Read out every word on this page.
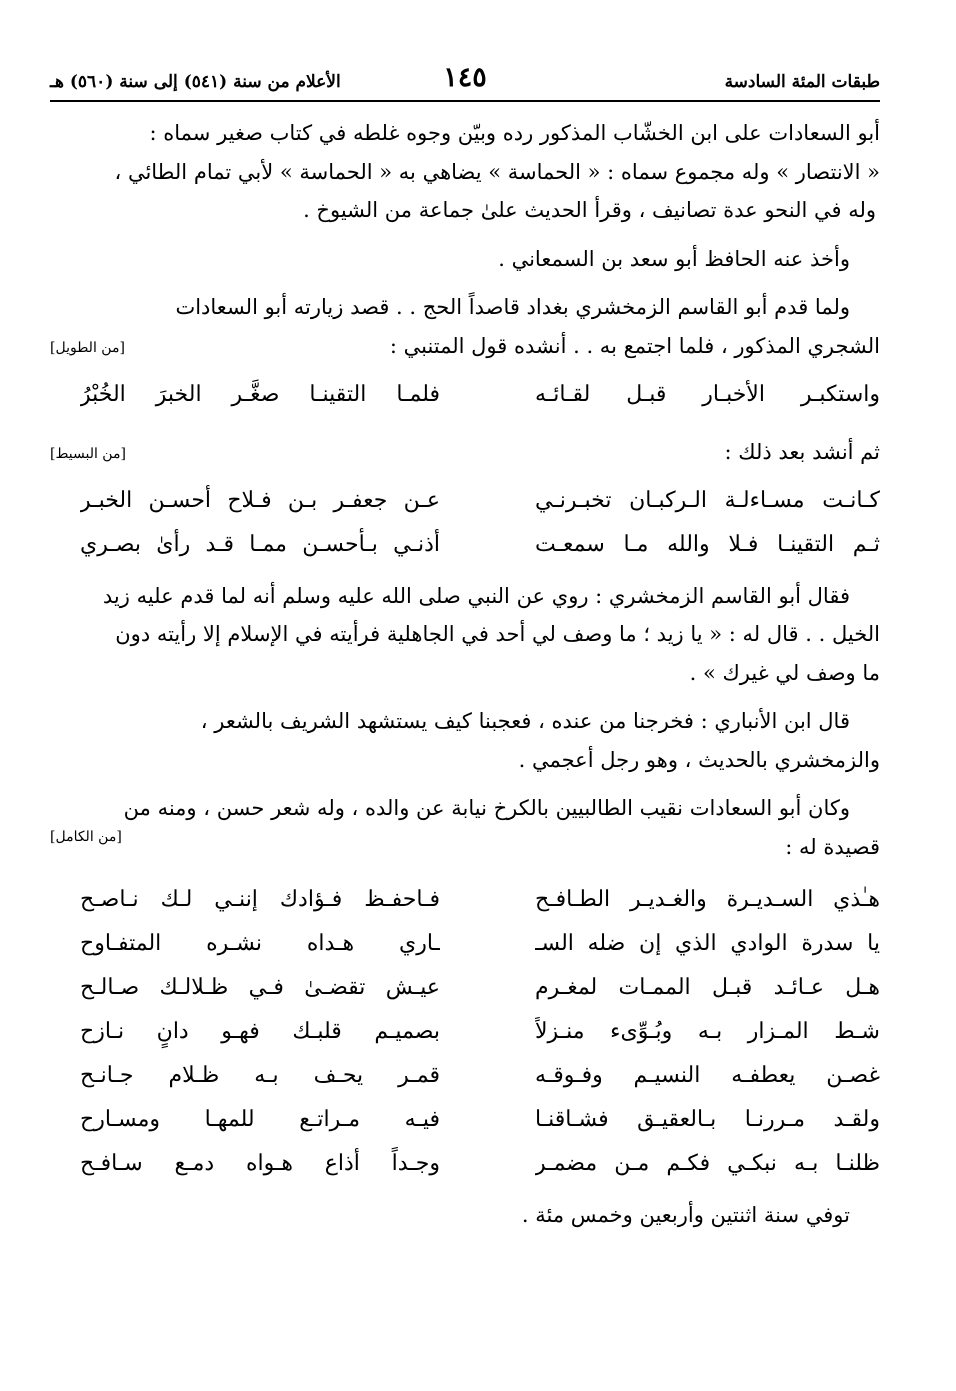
طبقات المئة السادسة
١٤٥
الأعلام من سنة (٥٤١) إلى سنة (٥٦٠) هـ

أبو السعادات على ابن الخشّاب المذكور رده وبيّن وجوه غلطه في كتاب صغير سماه :

« الانتصار » وله مجموع سماه : « الحماسة » يضاهي به « الحماسة » لأبي تمام الطائي ،

وله في النحو عدة تصانيف ، وقرأ الحديث علىٰ جماعة من الشيوخ .

وأخذ عنه الحافظ أبو سعد بن السمعاني .

ولما قدم أبو القاسم الزمخشري بغداد قاصداً الحج . . قصد زيارته أبو السعادات

الشجري المذكور ، فلما اجتمع به . . أنشده قول المتنبي :
[من الطويل]
واستكبـر الأخبـار قبـل لقـائـه
فلمـا التقينـا صغَّـر الخبرَ الخُبْرُ
ثم أنشد بعد ذلك :
[من البسيط]
كـانـت مسـاءلـة الـركبـان تخبـرنـي
عـن جعفـر بـن فـلاح أحسـن الخبـر
ثـم التقينـا فـلا والله مـا سمعـت
أذنـي بـأحسـن ممـا قـد رأىٰ بصـري

فقال أبو القاسم الزمخشري : روي عن النبي صلى الله عليه وسلم أنه لما قدم عليه زيد

الخيل . . قال له : « يا زيد ؛ ما وصف لي أحد في الجاهلية فرأيته في الإسلام إلا رأيته دون

ما وصف لي غيرك » .

قال ابن الأنباري : فخرجنا من عنده ، فعجبنا كيف يستشهد الشريف بالشعر ،

والزمخشري بالحديث ، وهو رجل أعجمي .

وكان أبو السعادات نقيب الطالبيين بالكرخ نيابة عن والده ، وله شعر حسن ، ومنه من

قصيدة له :
[من الكامل]
هـٰذي السـديـرة والغـديـر الطـافـح
فـاحفـظ فـؤادك إننـي لـك نـاصـح
يا سدرة الوادي الذي إن ضله السـ
ـاري هـداه نشـره المتفـاوح
هـل عـائـد قبـل الممـات لمغـرم
عيـش تقضـىٰ فـي ظـلالـك صـالـح
شـط المـزار بـه وبُـوِّىء منـزلاً
بصميـم قلبـك فهـو دانٍ نـازح
غصـن يعطفـه النسيـم وفـوقـه
قمـر يحـف بـه ظـلام جـانـح
ولقـد مـررنـا بـالعقيـق فشـاقنـا
فيـه مـراتـع للمهـا ومسـارح
ظلنـا بـه نبكـي فكـم مـن مضمـر
وجـداً أذاع هـواه دمـع سـافـح

توفي سنة اثنتين وأربعين وخمس مئة .
